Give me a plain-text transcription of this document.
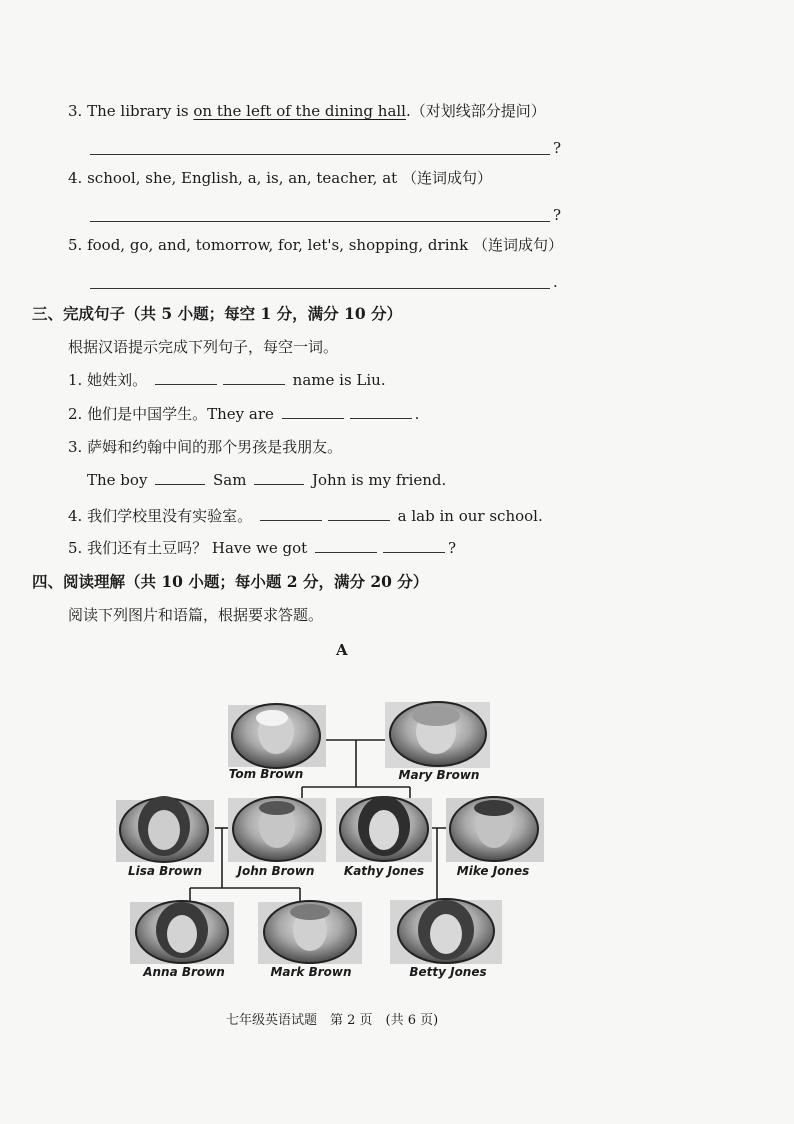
3. The library is on the left of the dining hall.（对划线部分提问）
?
4. school, she, English, a, is, an, teacher, at （连词成句）
?
5. food, go, and, tomorrow, for, let's, shopping, drink （连词成句）
.
三、完成句子（共 5 小题；每空 1 分，满分 10 分）
根据汉语提示完成下列句子，每空一词。
1. 她姓刘。	name is Liu.
2. 他们是中国学生。They are	.
3. 萨姆和约翰中间的那个男孩是我朋友。
The boy	Sam	John is my friend.
4. 我们学校里没有实验室。	a lab in our school.
5. 我们还有土豆吗？ Have we got	?
四、阅读理解（共 10 小题；每小题 2 分，满分 20 分）
阅读下列图片和语篇，根据要求答题。
A
Tom Brown	Mary Brown
Lisa Brown	John Brown	Kathy Jones	Mike Jones
Anna Brown	Mark Brown	Betty Jones
七年级英语试题　第 2 页　(共 6 页)
